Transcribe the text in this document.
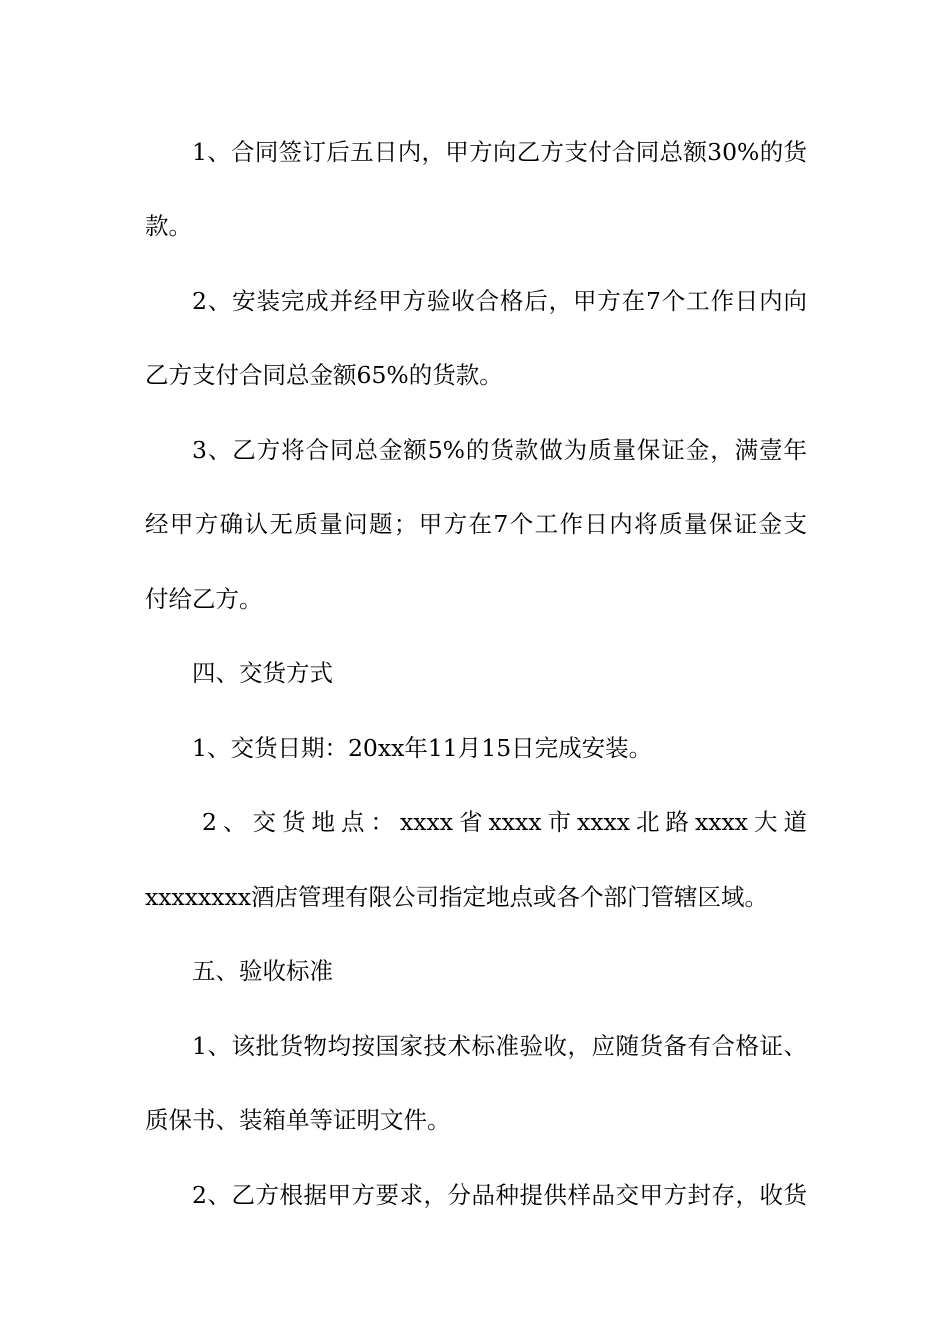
1、合同签订后五日内，甲方向乙方支付合同总额30%的货
款。
2、安装完成并经甲方验收合格后，甲方在7个工作日内向
乙方支付合同总金额65%的货款。
3、乙方将合同总金额5%的货款做为质量保证金，满壹年
经甲方确认无质量问题；甲方在7个工作日内将质量保证金支
付给乙方。
四、交货方式
1、交货日期：20xx年11月15日完成安装。
2、交货地点：xxxx省xxxx市xxxx北路xxxx大道
xxxxxxxx酒店管理有限公司指定地点或各个部门管辖区域。
五、验收标准
1、该批货物均按国家技术标准验收，应随货备有合格证、
质保书、装箱单等证明文件。
2、乙方根据甲方要求，分品种提供样品交甲方封存，收货
